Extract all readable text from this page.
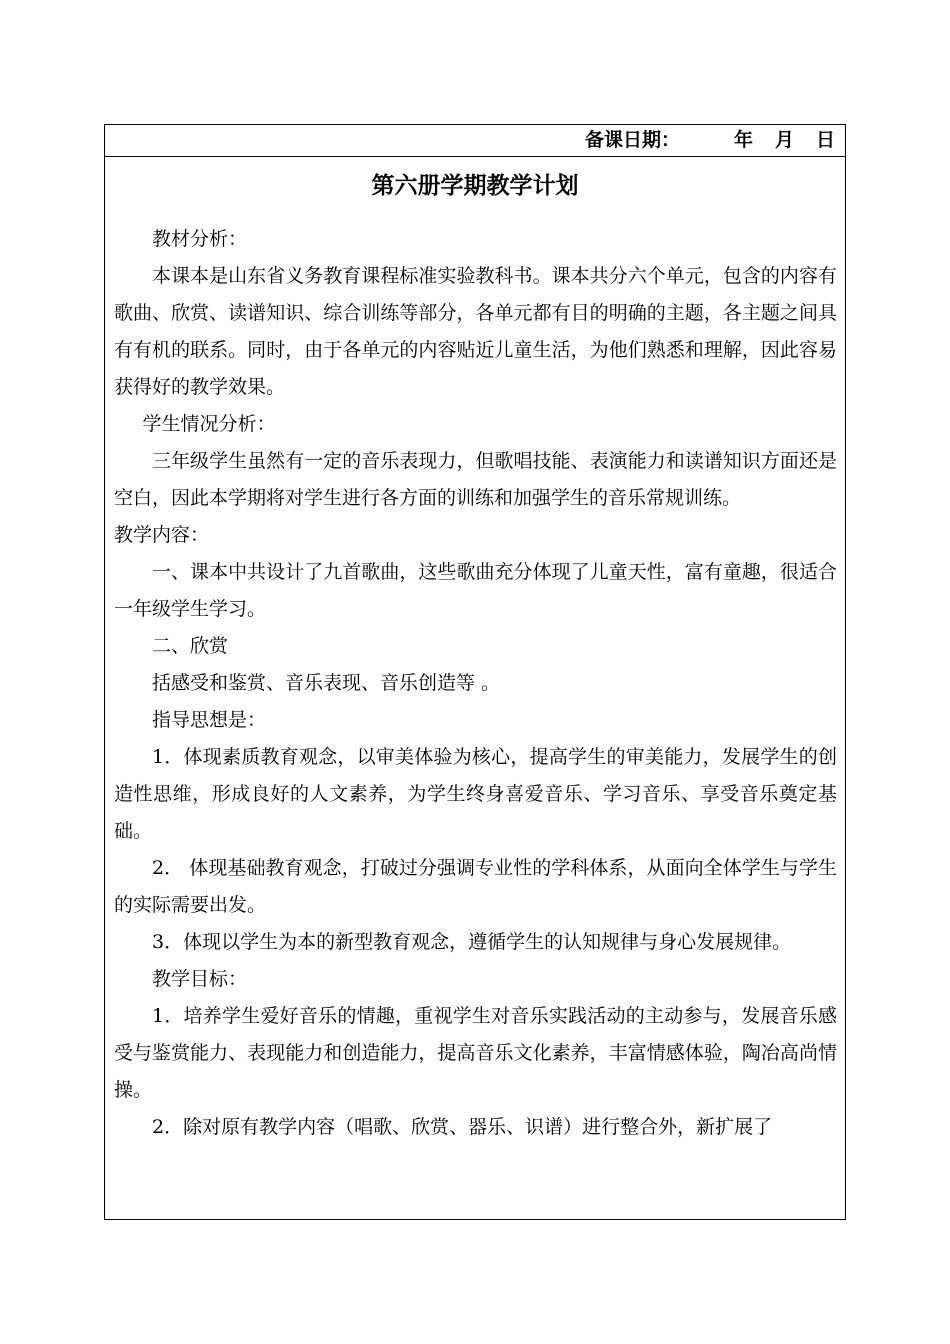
备课日期：	年 月 日
第六册学期教学计划

教材分析：

本课本是山东省义务教育课程标准实验教科书。课本共分六个单元，包含的内容有歌曲、欣赏、读谱知识、综合训练等部分，各单元都有目的明确的主题，各主题之间具有有机的联系。同时，由于各单元的内容贴近儿童生活，为他们熟悉和理解，因此容易获得好的教学效果。

学生情况分析：

三年级学生虽然有一定的音乐表现力，但歌唱技能、表演能力和读谱知识方面还是空白，因此本学期将对学生进行各方面的训练和加强学生的音乐常规训练。

教学内容：

一、课本中共设计了九首歌曲，这些歌曲充分体现了儿童天性，富有童趣，很适合一年级学生学习。

二、欣赏

括感受和鉴赏、音乐表现、音乐创造等 。

指导思想是：

1．体现素质教育观念，以审美体验为核心，提高学生的审美能力，发展学生的创造性思维，形成良好的人文素养，为学生终身喜爱音乐、学习音乐、享受音乐奠定基础。

2． 体现基础教育观念，打破过分强调专业性的学科体系，从面向全体学生与学生的实际需要出发。

3．体现以学生为本的新型教育观念，遵循学生的认知规律与身心发展规律。

教学目标：

1．培养学生爱好音乐的情趣，重视学生对音乐实践活动的主动参与，发展音乐感受与鉴赏能力、表现能力和创造能力，提高音乐文化素养，丰富情感体验，陶冶高尚情操。

2．除对原有教学内容（唱歌、欣赏、器乐、识谱）进行整合外，新扩展了
